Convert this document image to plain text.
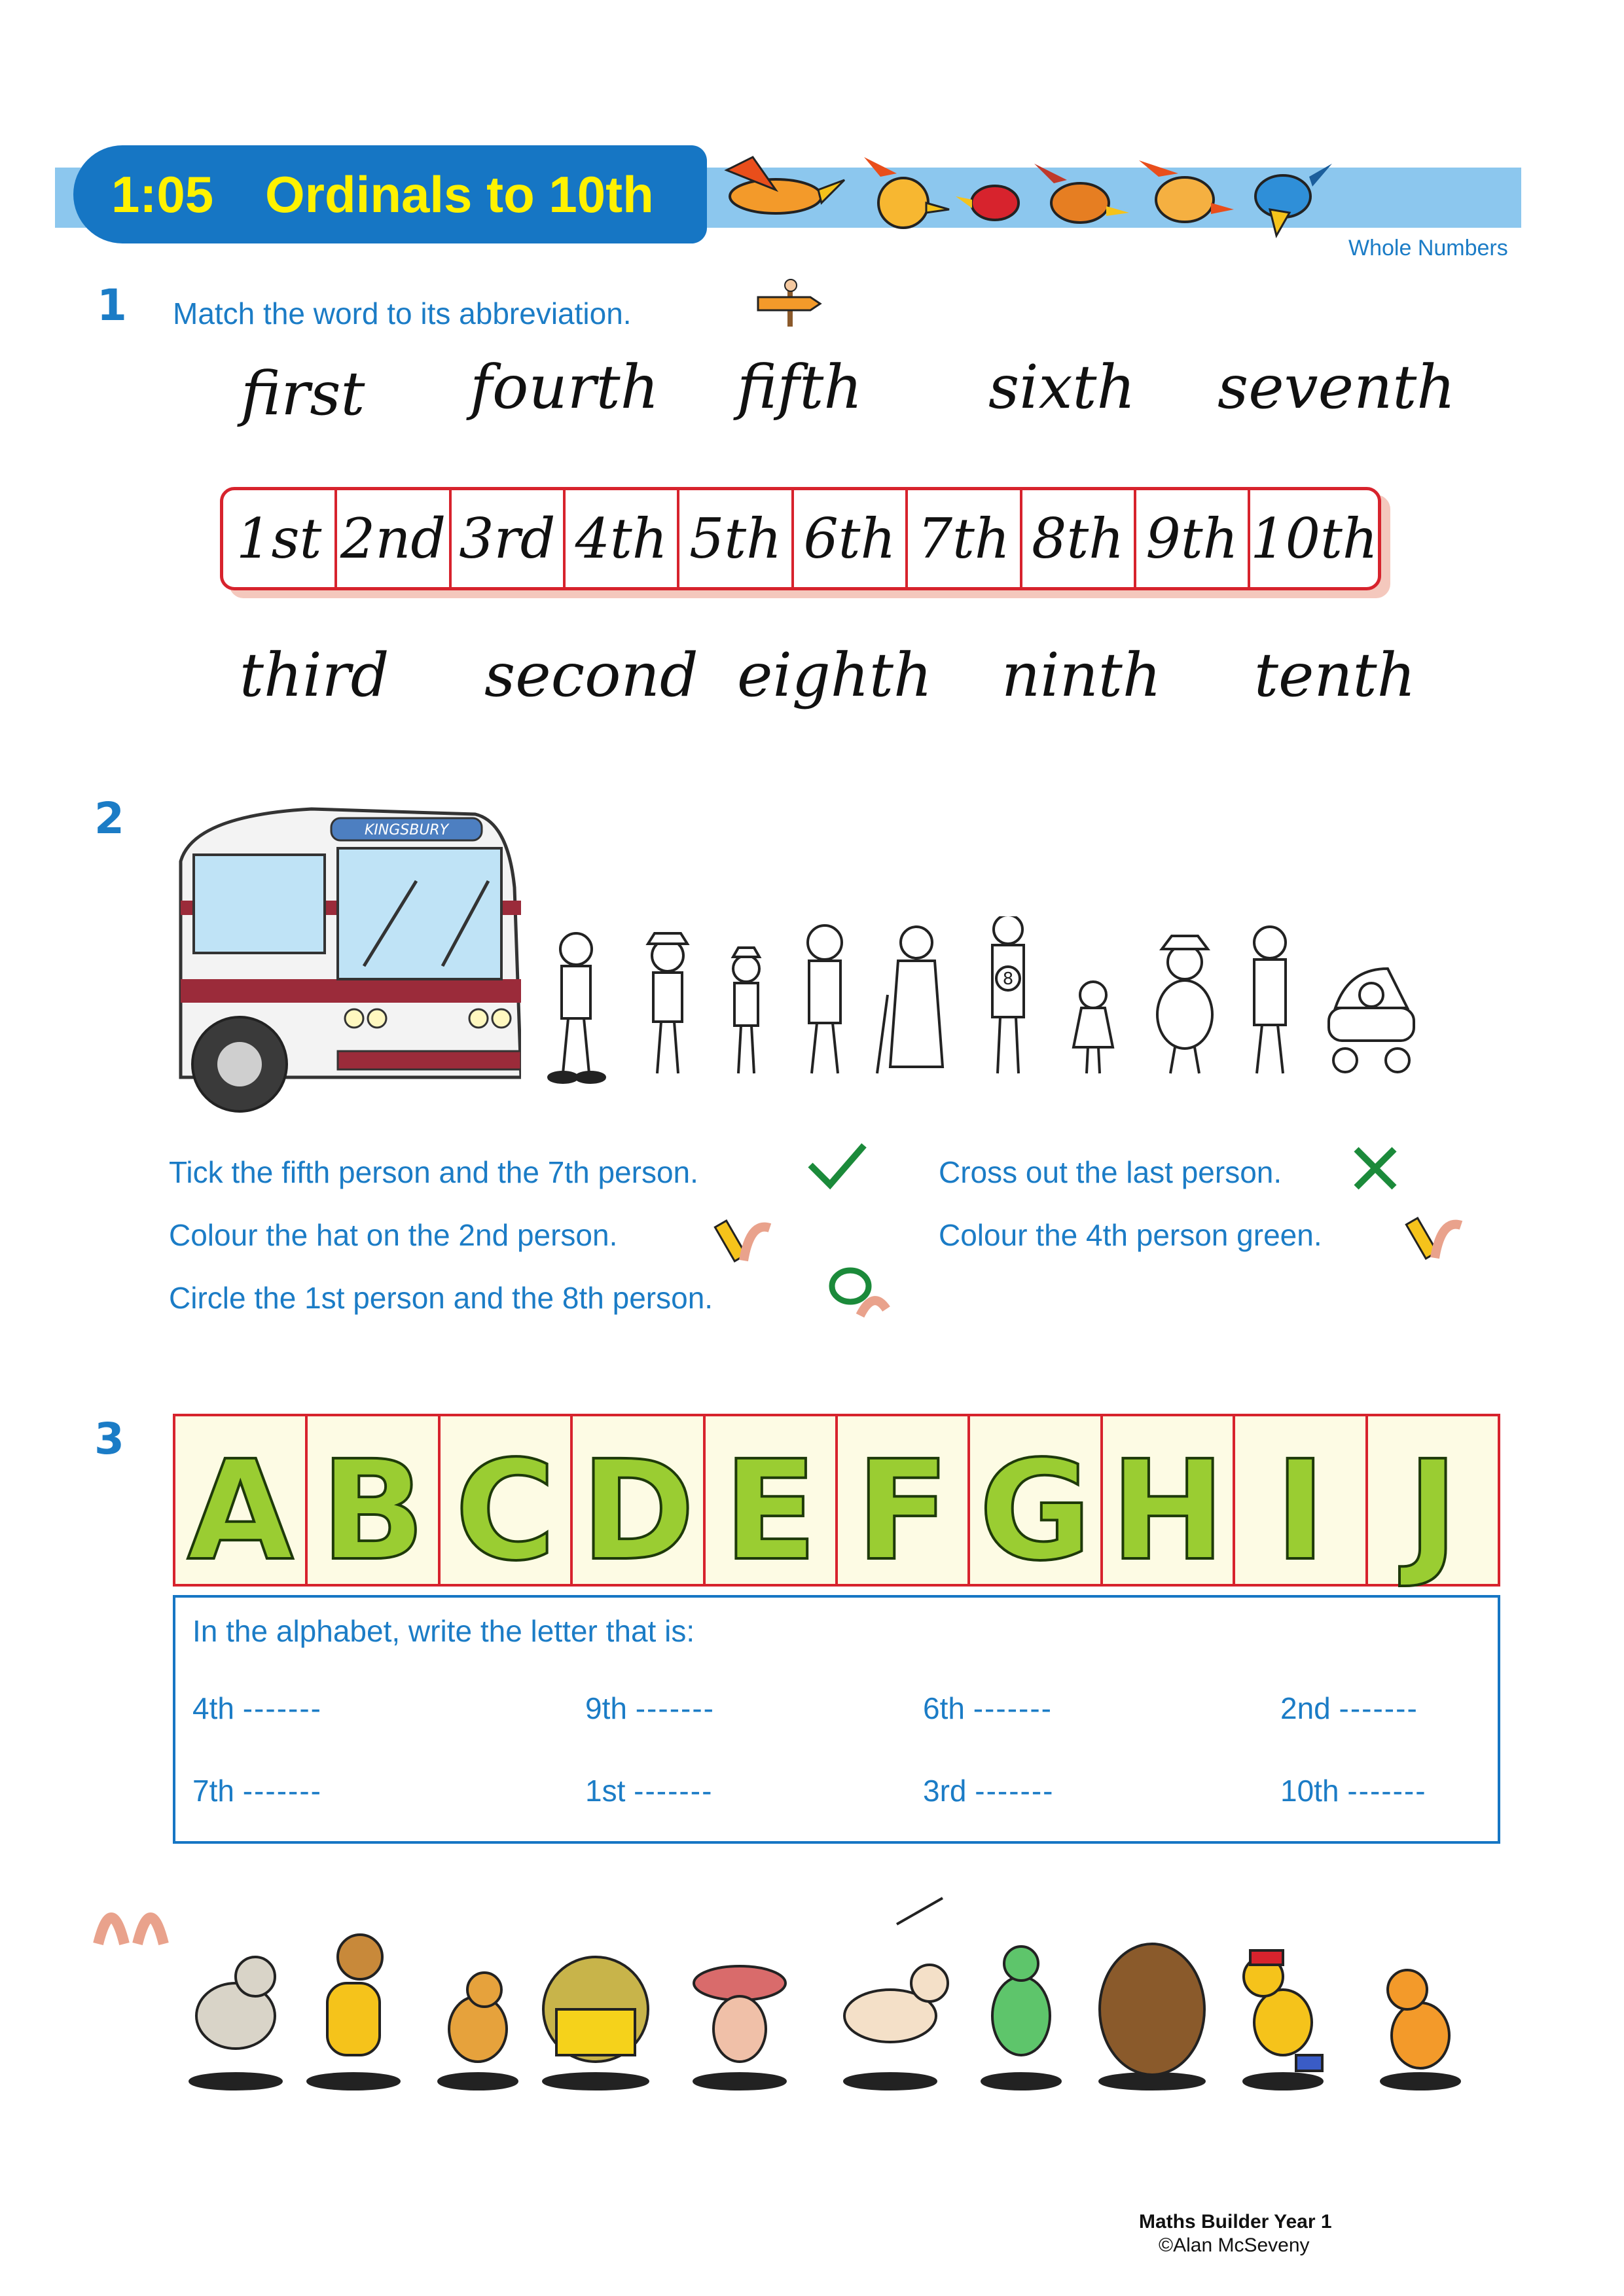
1:05 Ordinals to 10th
Whole Numbers
1 Match the word to its abbreviation.
first fourth fifth sixth seventh
1st 2nd 3rd 4th 5th 6th 7th 8th 9th 10th
third second eighth ninth tenth
2	KINGSBURY
8
Tick the fifth person and the 7th person.
Colour the hat on the 2nd person.
Circle the 1st person and the 8th person.
Cross out the last person.
Colour the 4th person green.
3 A B C D E F G H I J
In the alphabet, write the letter that is:
4th -------	9th -------	6th -------	2nd -------
7th -------	1st -------	3rd -------	10th -------
Maths Builder Year 1
©Alan McSeveny
